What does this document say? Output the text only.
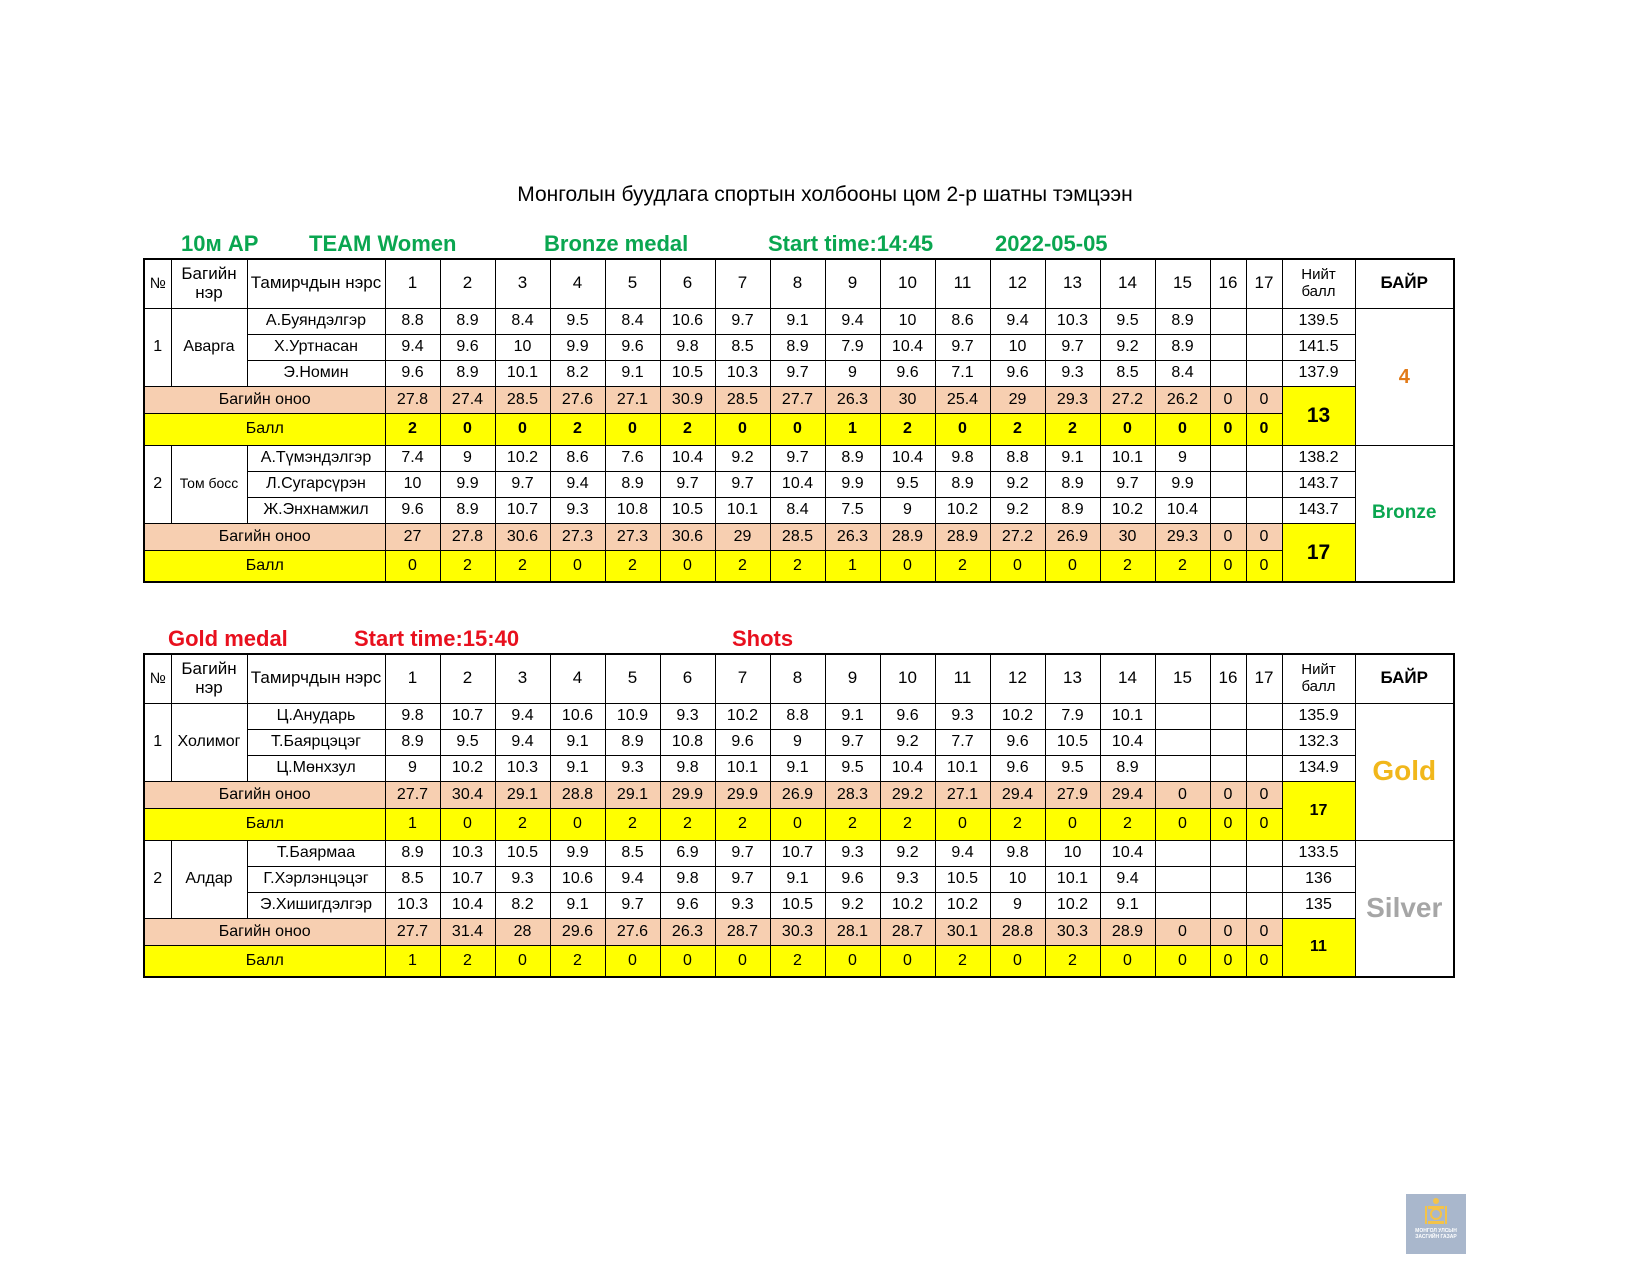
Монголын буудлага спортын холбооны цом 2-р шатны тэмцээн
10м АР TEAM Women	Bronze medal	Start time:14:45	2022-05-05
№	Багийн нэр	Тамирчдын нэрс	1	2	3	4	5	6	7	8	9	10	11	12	13	14	15	16	17	Нийт балл	БАЙР
1	Аварга	А.Буяндэлгэр	8.8	8.9	8.4	9.5	8.4	10.6	9.7	9.1	9.4	10	8.6	9.4	10.3	9.5	8.9			139.5	4
		Х.Уртнасан	9.4	9.6	10	9.9	9.6	9.8	8.5	8.9	7.9	10.4	9.7	10	9.7	9.2	8.9			141.5	
		Э.Номин	9.6	8.9	10.1	8.2	9.1	10.5	10.3	9.7	9	9.6	7.1	9.6	9.3	8.5	8.4			137.9	
Багийн оноо			27.8	27.4	28.5	27.6	27.1	30.9	28.5	27.7	26.3	30	25.4	29	29.3	27.2	26.2	0	0	13	
Балл			2	0	0	2	0	2	0	0	1	2	0	2	2	0	0	0	0		
2	Том босс	А.Түмэндэлгэр	7.4	9	10.2	8.6	7.6	10.4	9.2	9.7	8.9	10.4	9.8	8.8	9.1	10.1	9			138.2	Bronze
		Л.Сугарсүрэн	10	9.9	9.7	9.4	8.9	9.7	9.7	10.4	9.9	9.5	8.9	9.2	8.9	9.7	9.9			143.7	
		Ж.Энхнамжил	9.6	8.9	10.7	9.3	10.8	10.5	10.1	8.4	7.5	9	10.2	9.2	8.9	10.2	10.4			143.7	
Багийн оноо			27	27.8	30.6	27.3	27.3	30.6	29	28.5	26.3	28.9	28.9	27.2	26.9	30	29.3	0	0	17	
Балл			0	2	2	0	2	0	2	2	1	0	2	0	0	2	2	0	0		
Gold medal	Start time:15:40	Shots
№	Багийн нэр	Тамирчдын нэрс	1	2	3	4	5	6	7	8	9	10	11	12	13	14	15	16	17	Нийт балл	БАЙР
1	Холимог	Ц.Анударь	9.8	10.7	9.4	10.6	10.9	9.3	10.2	8.8	9.1	9.6	9.3	10.2	7.9	10.1				135.9	Gold
		Т.Баярцэцэг	8.9	9.5	9.4	9.1	8.9	10.8	9.6	9	9.7	9.2	7.7	9.6	10.5	10.4				132.3	
		Ц.Мөнхзул	9	10.2	10.3	9.1	9.3	9.8	10.1	9.1	9.5	10.4	10.1	9.6	9.5	8.9				134.9	
Багийн оноо			27.7	30.4	29.1	28.8	29.1	29.9	29.9	26.9	28.3	29.2	27.1	29.4	27.9	29.4	0	0	0	17	
Балл			1	0	2	0	2	2	2	0	2	2	0	2	0	2	0	0	0		
2	Алдар	Т.Баярмаа	8.9	10.3	10.5	9.9	8.5	6.9	9.7	10.7	9.3	9.2	9.4	9.8	10	10.4				133.5	Silver
		Г.Хэрлэнцэцэг	8.5	10.7	9.3	10.6	9.4	9.8	9.7	9.1	9.6	9.3	10.5	10	10.1	9.4				136	
		Э.Хишигдэлгэр	10.3	10.4	8.2	9.1	9.7	9.6	9.3	10.5	9.2	10.2	10.2	9	10.2	9.1				135	
Багийн оноо			27.7	31.4	28	29.6	27.6	26.3	28.7	30.3	28.1	28.7	30.1	28.8	30.3	28.9	0	0	0	11	
Балл			1	2	0	2	0	0	0	2	0	0	2	0	2	0	0	0	0		
МОНГОЛ УЛСЫН ЗАСГИЙН ГАЗАР
